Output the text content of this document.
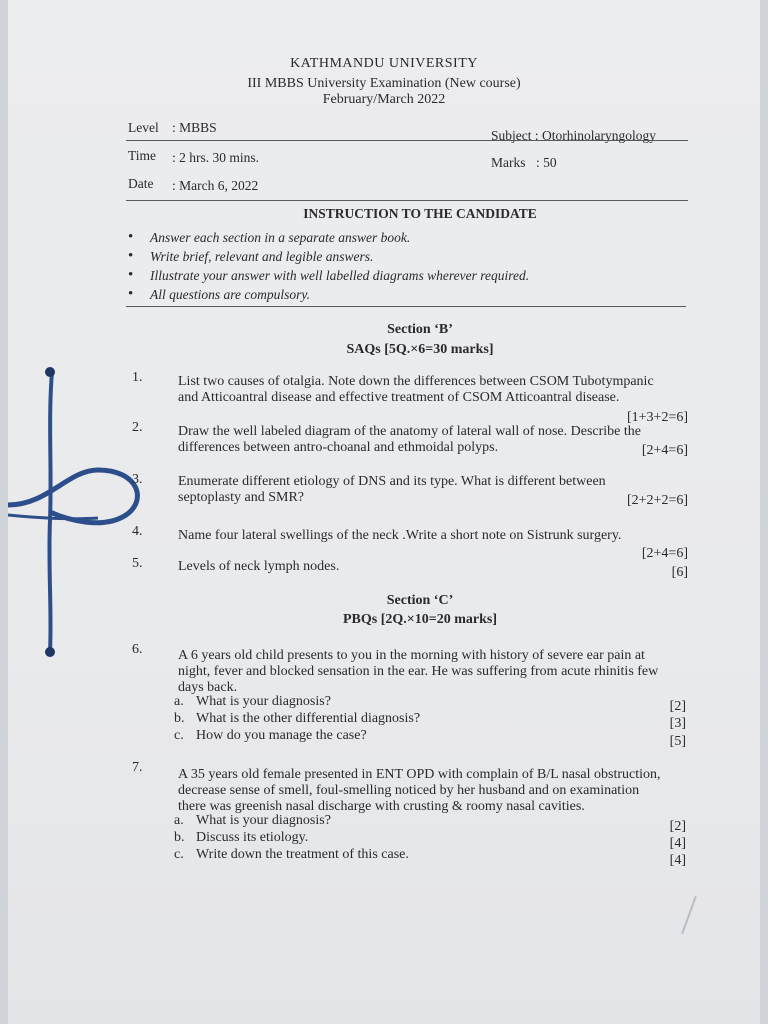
KATHMANDU UNIVERSITY
III MBBS University Examination (New course)
February/March 2022
Level : MBBS
Subject : Otorhinolaryngology
Time : 2 hrs. 30 mins.	Marks : 50
Date : March 6, 2022
INSTRUCTION TO THE CANDIDATE
• Answer each section in a separate answer book.
• Write brief, relevant and legible answers.
• Illustrate your answer with well labelled diagrams wherever required.
• All questions are compulsory.
Section ‘B’
SAQs [5Q.×6=30 marks]
1.	List two causes of otalgia. Note down the differences between CSOM Tubotympanic
and Atticoantral disease and effective treatment of CSOM Atticoantral disease.
[1+3+2=6]
2.	Draw the well labeled diagram of the anatomy of lateral wall of nose. Describe the
differences between antro-choanal and ethmoidal polyps.	[2+4=6]
3.	Enumerate different etiology of DNS and its type. What is different between
septoplasty and SMR?	[2+2+2=6]
4.	Name four lateral swellings of the neck .Write a short note on Sistrunk surgery.
[2+4=6]
5.	Levels of neck lymph nodes.	[6]
Section ‘C’
PBQs [2Q.×10=20 marks]
6.	A 6 years old child presents to you in the morning with history of severe ear pain at
night, fever and blocked sensation in the ear. He was suffering from acute rhinitis few
days back.
a. What is your diagnosis?	[2]
b. What is the other differential diagnosis?	[3]
c. How do you manage the case?	[5]
7.	A 35 years old female presented in ENT OPD with complain of B/L nasal obstruction,
decrease sense of smell, foul-smelling noticed by her husband and on examination
there was greenish nasal discharge with crusting & roomy nasal cavities.
a. What is your diagnosis?	[2]
b. Discuss its etiology.	[4]
c. Write down the treatment of this case.	[4]
